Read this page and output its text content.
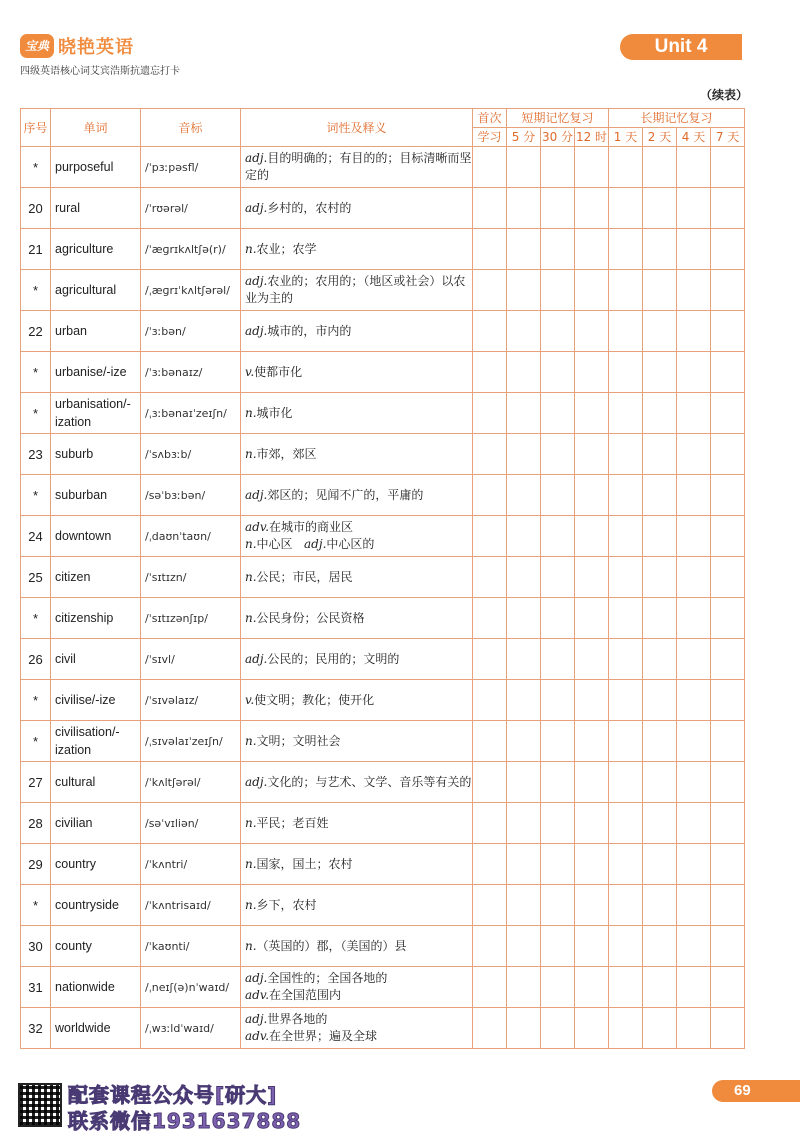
宝典 晓艳英语
四级英语核心词艾宾浩斯抗遗忘打卡
Unit 4
（续表）
序号	单词	音标	词性及释义	首次	短期记忆复习			长期记忆复习			
				学习	5 分	30 分	12 时	1 天	2 天	4 天	7 天
*	purposeful	/ˈpɜːpəsfl/	adj.目的明确的；有目的的；目标清晰而坚定的								
20	rural	/ˈrʊərəl/	adj.乡村的，农村的								
21	agriculture	/ˈæɡrɪkʌltʃə(r)/	n.农业；农学								
*	agricultural	/ˌæɡrɪˈkʌltʃərəl/	adj.农业的；农用的；（地区或社会）以农业为主的								
22	urban	/ˈɜːbən/	adj.城市的，市内的								
*	urbanise/-ize	/ˈɜːbənaɪz/	v.使都市化								
*	urbanisation/-ization	/ˌɜːbənaɪˈzeɪʃn/	n.城市化								
23	suburb	/ˈsʌbɜːb/	n.市郊，郊区								
*	suburban	/səˈbɜːbən/	adj.郊区的；见闻不广的，平庸的								
24	downtown	/ˌdaʊnˈtaʊn/	adv.在城市的商业区
n.中心区 adj.中心区的								
25	citizen	/ˈsɪtɪzn/	n.公民；市民，居民								
*	citizenship	/ˈsɪtɪzənʃɪp/	n.公民身份；公民资格								
26	civil	/ˈsɪvl/	adj.公民的；民用的；文明的								
*	civilise/-ize	/ˈsɪvəlaɪz/	v.使文明；教化；使开化								
*	civilisation/-ization	/ˌsɪvəlaɪˈzeɪʃn/	n.文明；文明社会								
27	cultural	/ˈkʌltʃərəl/	adj.文化的；与艺术、文学、音乐等有关的								
28	civilian	/səˈvɪliən/	n.平民；老百姓								
29	country	/ˈkʌntri/	n.国家，国土；农村								
*	countryside	/ˈkʌntrisaɪd/	n.乡下，农村								
30	county	/ˈkaʊnti/	n.（英国的）郡，（美国的）县								
31	nationwide	/ˌneɪʃ(ə)nˈwaɪd/	adj.全国性的；全国各地的
adv.在全国范围内								
32	worldwide	/ˌwɜːldˈwaɪd/	adj.世界各地的
adv.在全世界；遍及全球								
配套课程公众号[研大]
联系微信1931637888
69
